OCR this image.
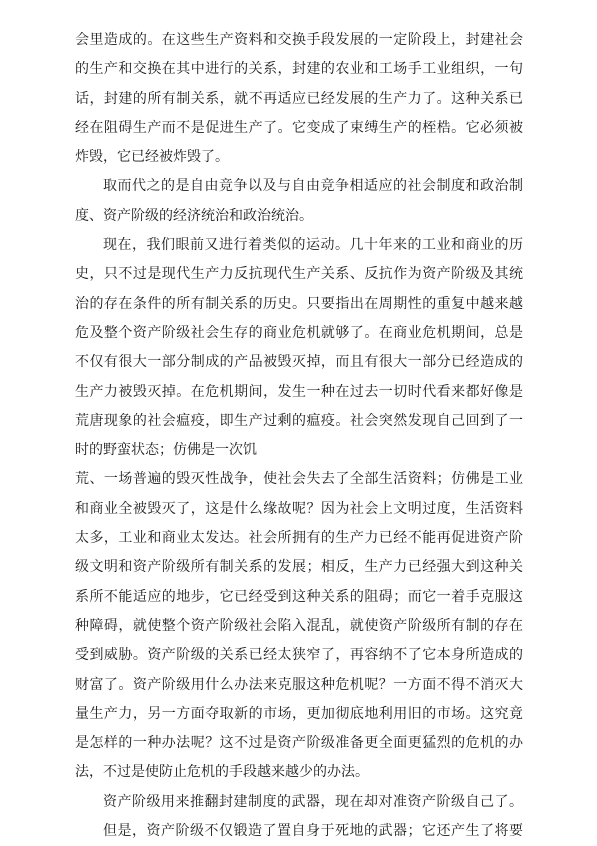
会里造成的。在这些生产资料和交换手段发展的一定阶段上，封建社会
的生产和交换在其中进行的关系，封建的农业和工场手工业组织，一句
话，封建的所有制关系，就不再适应已经发展的生产力了。这种关系已
经在阻碍生产而不是促进生产了。它变成了束缚生产的桎梏。它必须被
炸毁，它已经被炸毁了。
取而代之的是自由竞争以及与自由竞争相适应的社会制度和政治制
度、资产阶级的经济统治和政治统治。
现在，我们眼前又进行着类似的运动。几十年来的工业和商业的历
史，只不过是现代生产力反抗现代生产关系、反抗作为资产阶级及其统
治的存在条件的所有制关系的历史。只要指出在周期性的重复中越来越
危及整个资产阶级社会生存的商业危机就够了。在商业危机期间，总是
不仅有很大一部分制成的产品被毁灭掉，而且有很大一部分已经造成的
生产力被毁灭掉。在危机期间，发生一种在过去一切时代看来都好像是
荒唐现象的社会瘟疫，即生产过剩的瘟疫。社会突然发现自己回到了一
时的野蛮状态；仿佛是一次饥
荒、一场普遍的毁灭性战争，使社会失去了全部生活资料；仿佛是工业
和商业全被毁灭了，这是什么缘故呢？因为社会上文明过度，生活资料
太多，工业和商业太发达。社会所拥有的生产力已经不能再促进资产阶
级文明和资产阶级所有制关系的发展；相反，生产力已经强大到这种关
系所不能适应的地步，它已经受到这种关系的阻碍；而它一着手克服这
种障碍，就使整个资产阶级社会陷入混乱，就使资产阶级所有制的存在
受到威胁。资产阶级的关系已经太狭窄了，再容纳不了它本身所造成的
财富了。资产阶级用什么办法来克服这种危机呢？一方面不得不消灭大
量生产力，另一方面夺取新的市场，更加彻底地利用旧的市场。这究竟
是怎样的一种办法呢？这不过是资产阶级准备更全面更猛烈的危机的办
法，不过是使防止危机的手段越来越少的办法。
资产阶级用来推翻封建制度的武器，现在却对准资产阶级自己了。
但是，资产阶级不仅锻造了置自身于死地的武器；它还产生了将要
